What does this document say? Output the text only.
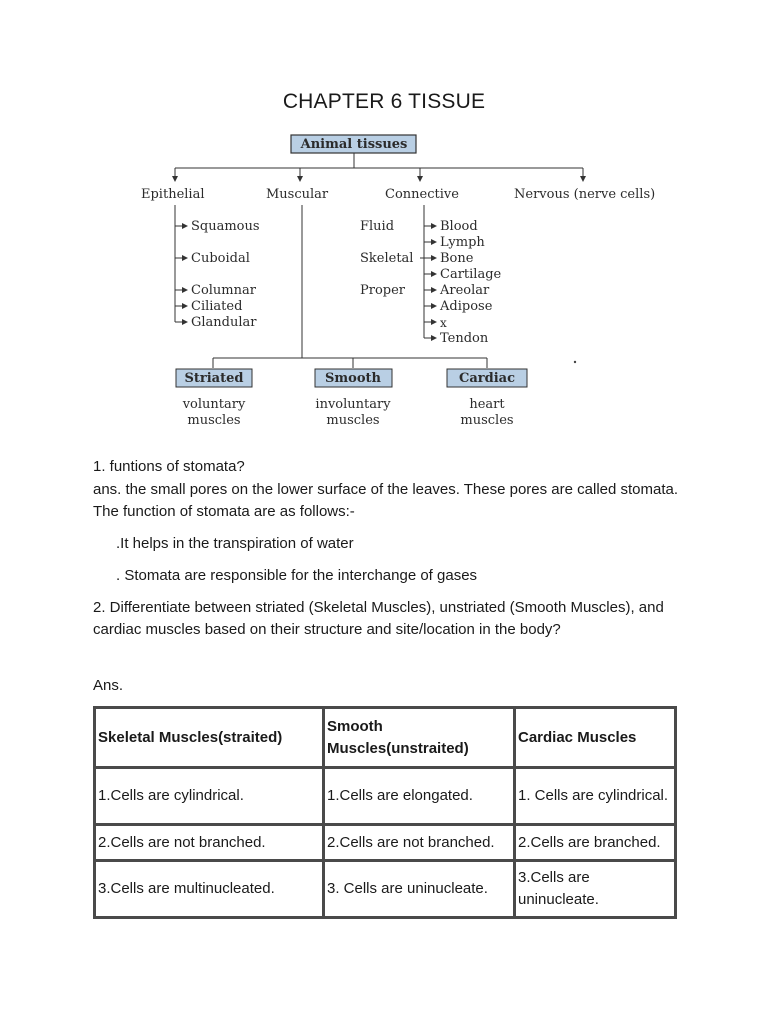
CHAPTER 6 TISSUE
Animal tissues
Epithelial	Muscular	Connective	Nervous (nerve cells)
Squamous
Cuboidal
Columnar
Ciliated
Glandular
Fluid
Skeletal
Proper
Blood
Lymph
Bone
Cartilage
Areolar
Adipose
x
Tendon
Striated	Smooth	Cardiac
voluntary
muscles
involuntary
muscles
heart
muscles
1. funtions of stomata?
ans. the small pores on the lower surface of the leaves. These pores are called stomata. The function of stomata are as follows:-
.It helps in the transpiration of water
. Stomata are responsible for the interchange of gases
2. Differentiate between striated (Skeletal Muscles), unstriated (Smooth Muscles), and cardiac muscles based on their structure and site/location in the body?
Ans.
Skeletal Muscles(straited)	Smooth Muscles(unstraited)	Cardiac Muscles
1.Cells are cylindrical.	1.Cells are elongated.	1. Cells are cylindrical.
2.Cells are not branched.	2.Cells are not branched.	2.Cells are branched.
3.Cells are multinucleated.	3. Cells are uninucleate.	3.Cells are uninucleate.
